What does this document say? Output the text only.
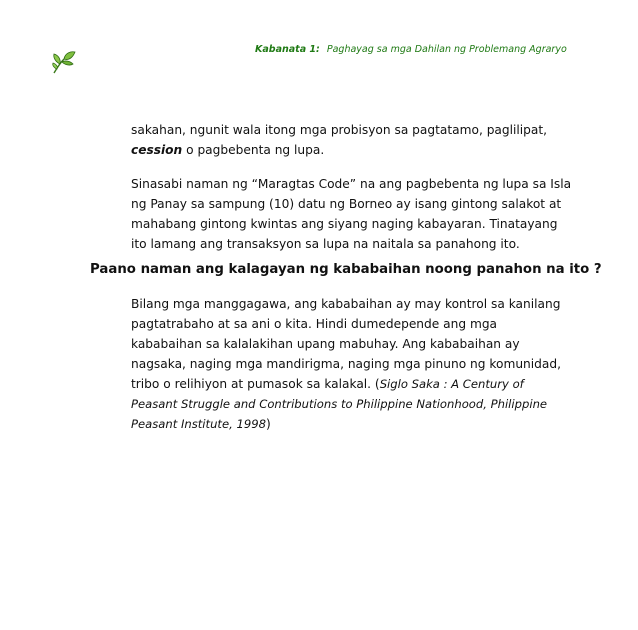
Kabanata 1: Paghayag sa mga Dahilan ng Problemang Agraryo
sakahan, ngunit wala itong mga probisyon sa pagtatamo, paglilipat,
cession o pagbebenta ng lupa.
Sinasabi naman ng “Maragtas Code” na ang pagbebenta ng lupa sa Isla
ng Panay sa sampung (10) datu ng Borneo ay isang gintong salakot at
mahabang gintong kwintas ang siyang naging kabayaran. Tinatayang
ito lamang ang transaksyon sa lupa na naitala sa panahong ito.
Paano naman ang kalagayan ng kababaihan noong panahon na ito ?
Bilang mga manggagawa, ang kababaihan ay may kontrol sa kanilang
pagtatrabaho at sa ani o kita. Hindi dumedepende ang mga
kababaihan sa kalalakihan upang mabuhay. Ang kababaihan ay
nagsaka, naging mga mandirigma, naging mga pinuno ng komunidad,
tribo o relihiyon at pumasok sa kalakal. (Siglo Saka : A Century of
Peasant Struggle and Contributions to Philippine Nationhood, Philippine
Peasant Institute, 1998)
